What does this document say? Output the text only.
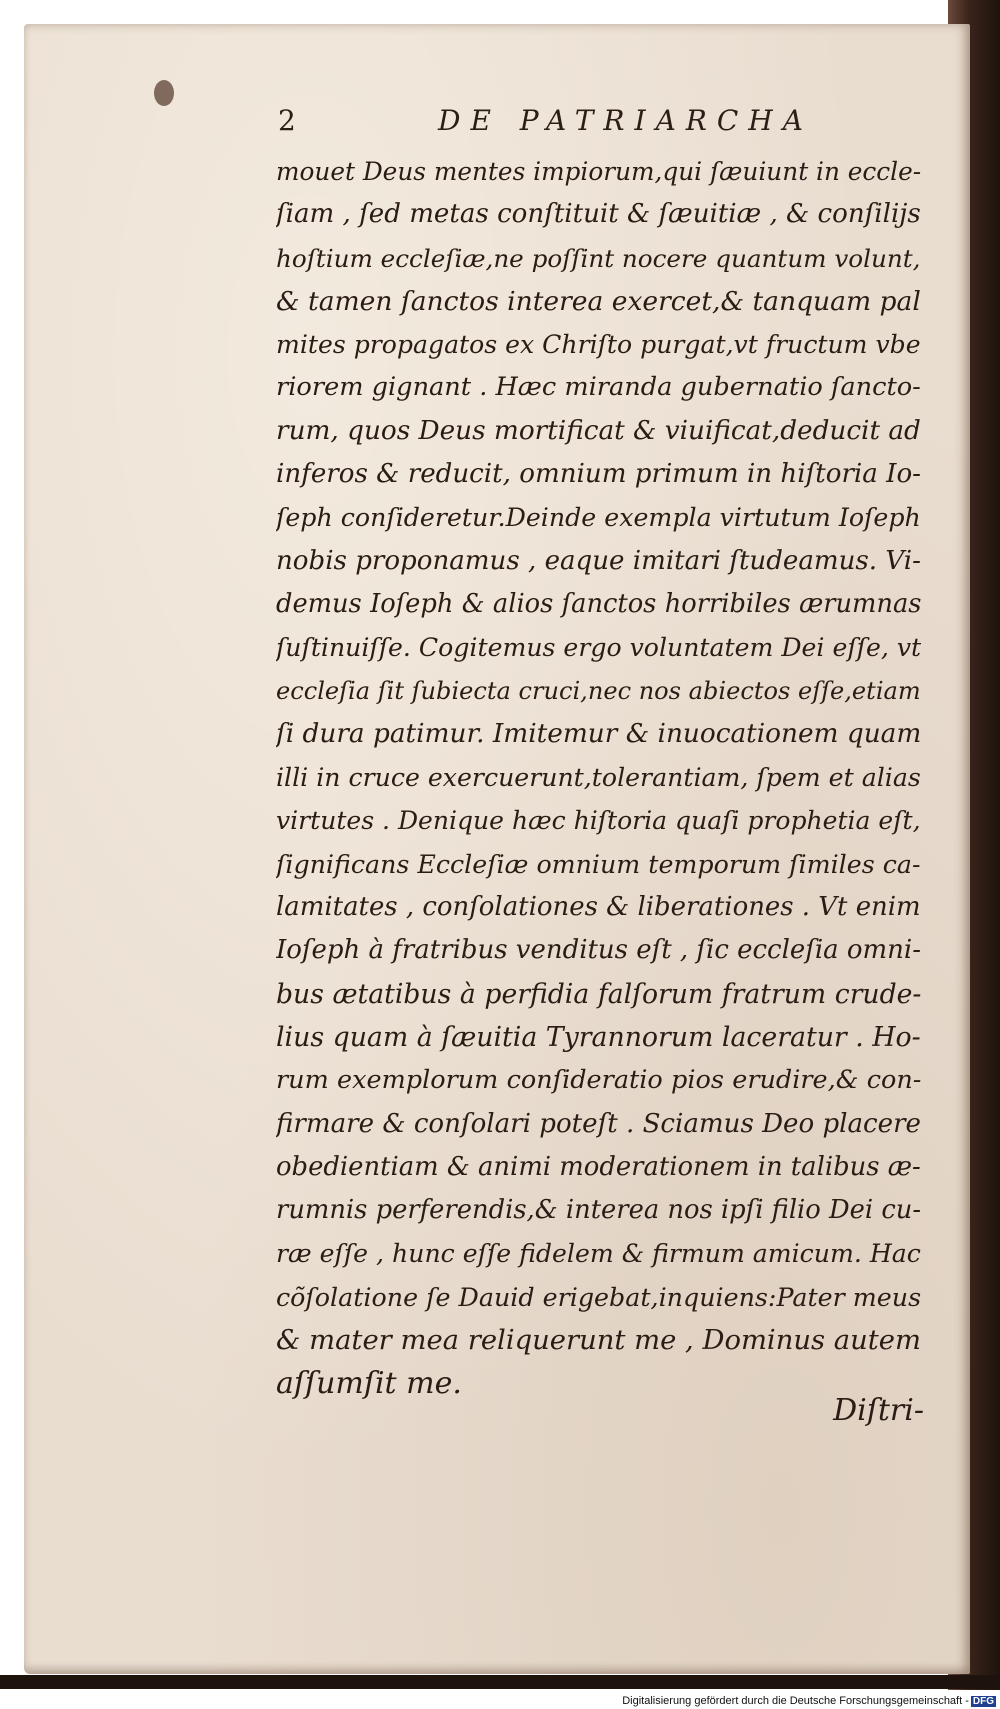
2	DE PATRIARCHA
mouet Deus mentes impiorum,qui ſæuiunt in eccle-
ſiam , ſed metas conſtituit & ſæuitiæ , & conſilijs
hoſtium eccleſiæ,ne poſſint nocere quantum volunt,
& tamen ſanctos interea exercet,& tanquam pal
mites propagatos ex Chriſto purgat,vt fructum vbe
riorem gignant . Hæc miranda gubernatio ſancto-
rum, quos Deus mortificat & viuificat,deducit ad
inferos & reducit, omnium primum in hiſtoria Io-
ſeph conſideretur.Deinde exempla virtutum Ioſeph
nobis proponamus , eaque imitari ſtudeamus. Vi-
demus Ioſeph & alios ſanctos horribiles ærumnas
ſuſtinuiſſe. Cogitemus ergo voluntatem Dei eſſe, vt
eccleſia ſit ſubiecta cruci,nec nos abiectos eſſe,etiam
ſi dura patimur. Imitemur & inuocationem quam
illi in cruce exercuerunt,tolerantiam, ſpem et alias
virtutes . Denique hæc hiſtoria quaſi prophetia eſt,
ſignificans Eccleſiæ omnium temporum ſimiles ca-
lamitates , conſolationes & liberationes . Vt enim
Ioſeph à fratribus venditus eſt , ſic eccleſia omni-
bus ætatibus à perfidia falſorum fratrum crude-
lius quam à ſæuitia Tyrannorum laceratur . Ho-
rum exemplorum conſideratio pios erudire,& con-
firmare & conſolari poteſt . Sciamus Deo placere
obedientiam & animi moderationem in talibus æ-
rumnis perferendis,& interea nos ipſi filio Dei cu-
ræ eſſe , hunc eſſe fidelem & firmum amicum. Hac
cõſolatione ſe Dauid erigebat,inquiens:Pater meus
& mater mea reliquerunt me , Dominus autem
aſſumſit me.
Diſtri-
Digitalisierung gefördert durch die Deutsche Forschungsgemeinschaft - DFG
